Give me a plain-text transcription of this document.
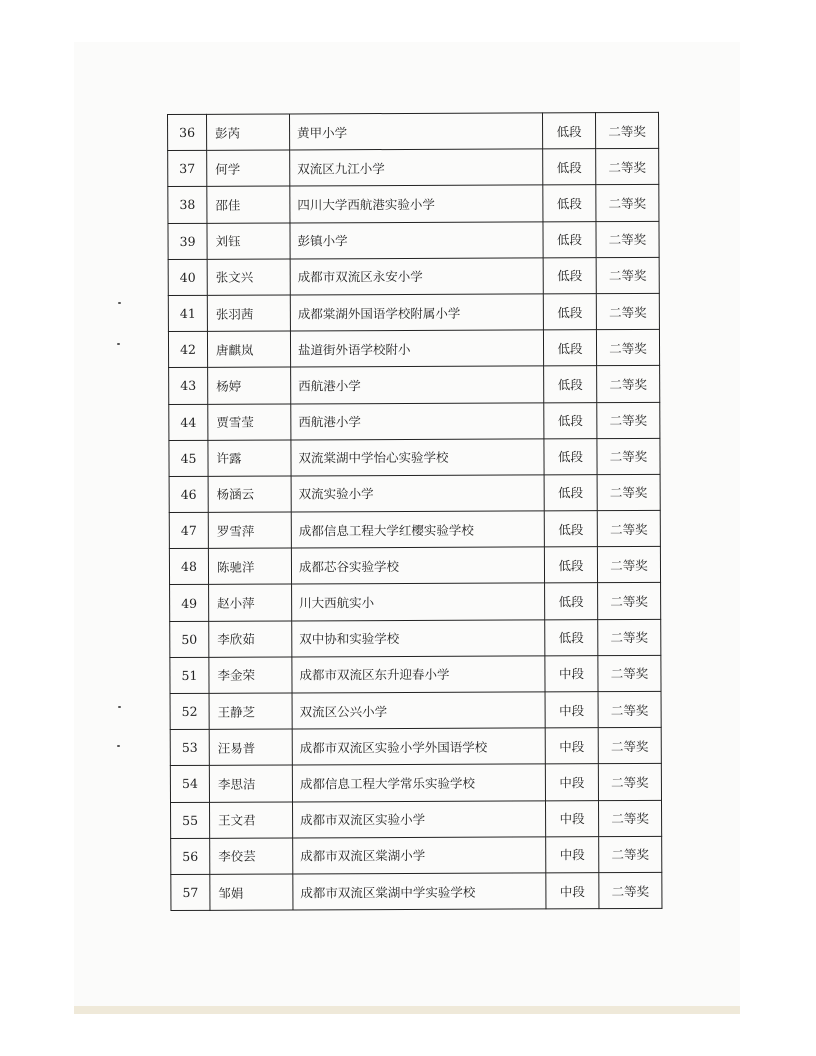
36	彭芮	黄甲小学	低段	二等奖
37	何学	双流区九江小学	低段	二等奖
38	邵佳	四川大学西航港实验小学	低段	二等奖
39	刘钰	彭镇小学	低段	二等奖
40	张文兴	成都市双流区永安小学	低段	二等奖
41	张羽茜	成都棠湖外国语学校附属小学	低段	二等奖
42	唐麒岚	盐道街外语学校附小	低段	二等奖
43	杨婷	西航港小学	低段	二等奖
44	贾雪莹	西航港小学	低段	二等奖
45	许露	双流棠湖中学怡心实验学校	低段	二等奖
46	杨涵云	双流实验小学	低段	二等奖
47	罗雪萍	成都信息工程大学红樱实验学校	低段	二等奖
48	陈驰洋	成都芯谷实验学校	低段	二等奖
49	赵小萍	川大西航实小	低段	二等奖
50	李欣茹	双中协和实验学校	低段	二等奖
51	李金荣	成都市双流区东升迎春小学	中段	二等奖
52	王静芝	双流区公兴小学	中段	二等奖
53	汪易普	成都市双流区实验小学外国语学校	中段	二等奖
54	李思洁	成都信息工程大学常乐实验学校	中段	二等奖
55	王文君	成都市双流区实验小学	中段	二等奖
56	李佼芸	成都市双流区棠湖小学	中段	二等奖
57	邹娟	成都市双流区棠湖中学实验学校	中段	二等奖
